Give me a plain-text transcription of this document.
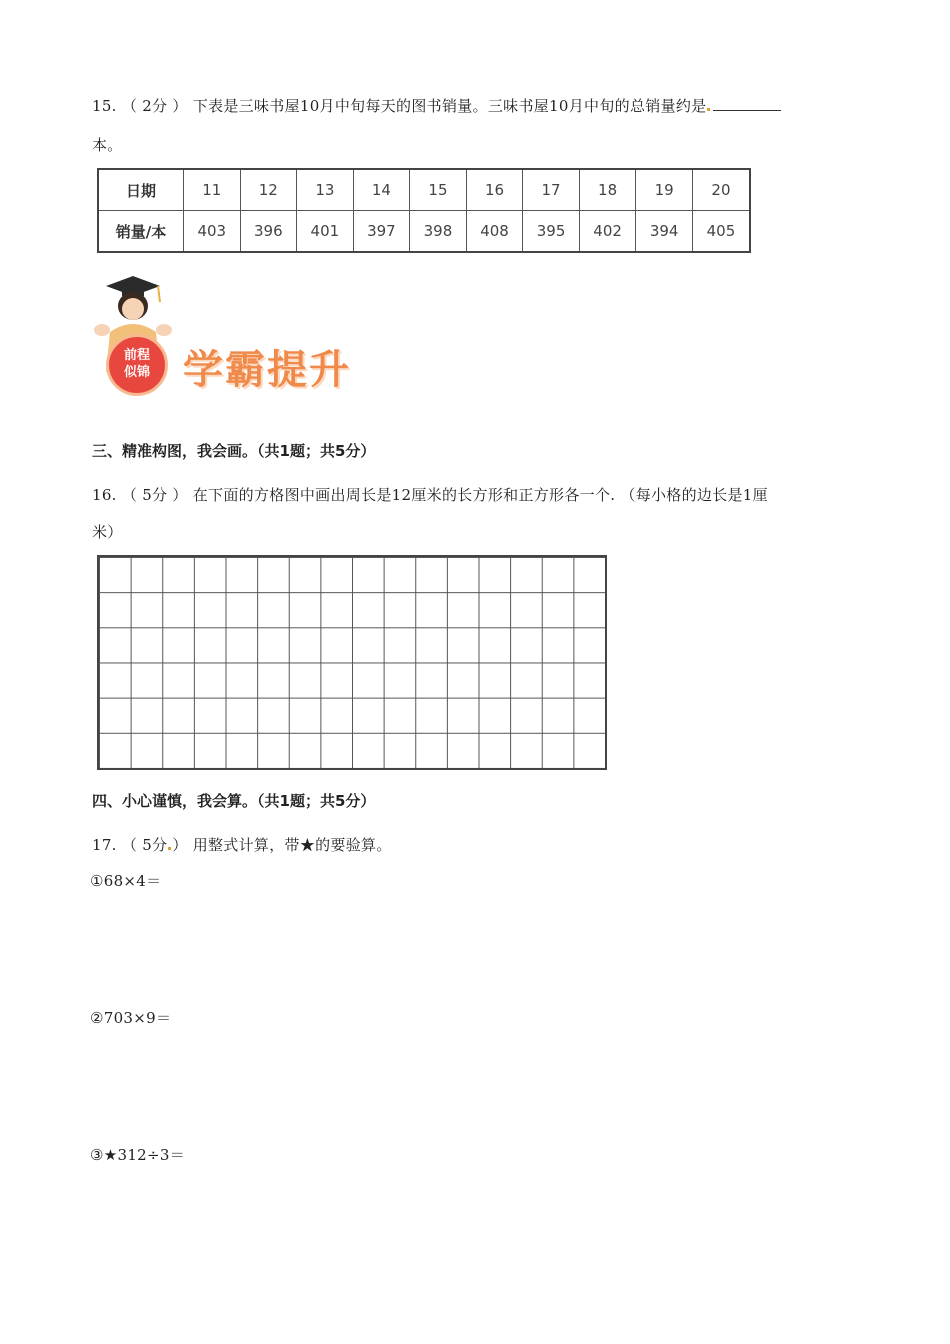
15. （ 2分 ） 下表是三味书屋10月中旬每天的图书销量。三味书屋10月中旬的总销量约是
本。
日期	11	12	13	14	15	16	17	18	19	20
销量/本	403	396	401	397	398	408	395	402	394	405
前程
似锦 学霸提升
三、精准构图，我会画。（共1题；共5分）
16. （ 5分 ） 在下面的方格图中画出周长是12厘米的长方形和正方形各一个. （每小格的边长是1厘
米）
四、小心谨慎，我会算。（共1题；共5分）
17. （ 5分 ） 用整式计算，带★的要验算。
①68×4＝
②703×9＝
③★312÷3＝
